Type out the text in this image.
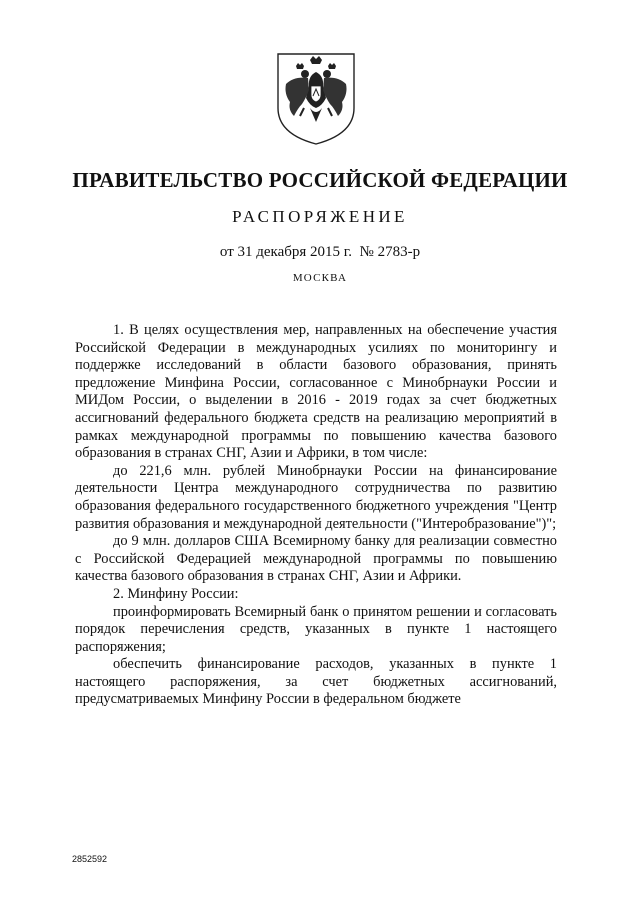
ПРАВИТЕЛЬСТВО РОССИЙСКОЙ ФЕДЕРАЦИИ
РАСПОРЯЖЕНИЕ
от 31 декабря 2015 г.  № 2783-р
МОСКВА

1. В целях осуществления мер, направленных на обеспечение участия Российской Федерации в международных усилиях по мониторингу и поддержке исследований в области базового образования, принять предложение Минфина России, согласованное с Минобрнауки России и МИДом России, о выделении в 2016 - 2019 годах за счет бюджетных ассигнований федерального бюджета средств на реализацию мероприятий в рамках международной программы по повышению качества базового образования в странах СНГ, Азии и Африки, в том числе:

до 221,6 млн. рублей Минобрнауки России на финансирование деятельности Центра международного сотрудничества по развитию образования федерального государственного бюджетного учреждения "Центр развития образования и международной деятельности ("Интеробразование")";

до 9 млн. долларов США Всемирному банку для реализации совместно с Российской Федерацией международной программы по повышению качества базового образования в странах СНГ, Азии и Африки.

2. Минфину России:

проинформировать Всемирный банк о принятом решении и согласовать порядок перечисления средств, указанных в пункте 1 настоящего распоряжения;

обеспечить финансирование расходов, указанных в пункте 1 настоящего распоряжения, за счет бюджетных ассигнований, предусматриваемых Минфину России в федеральном бюджете

2852592
